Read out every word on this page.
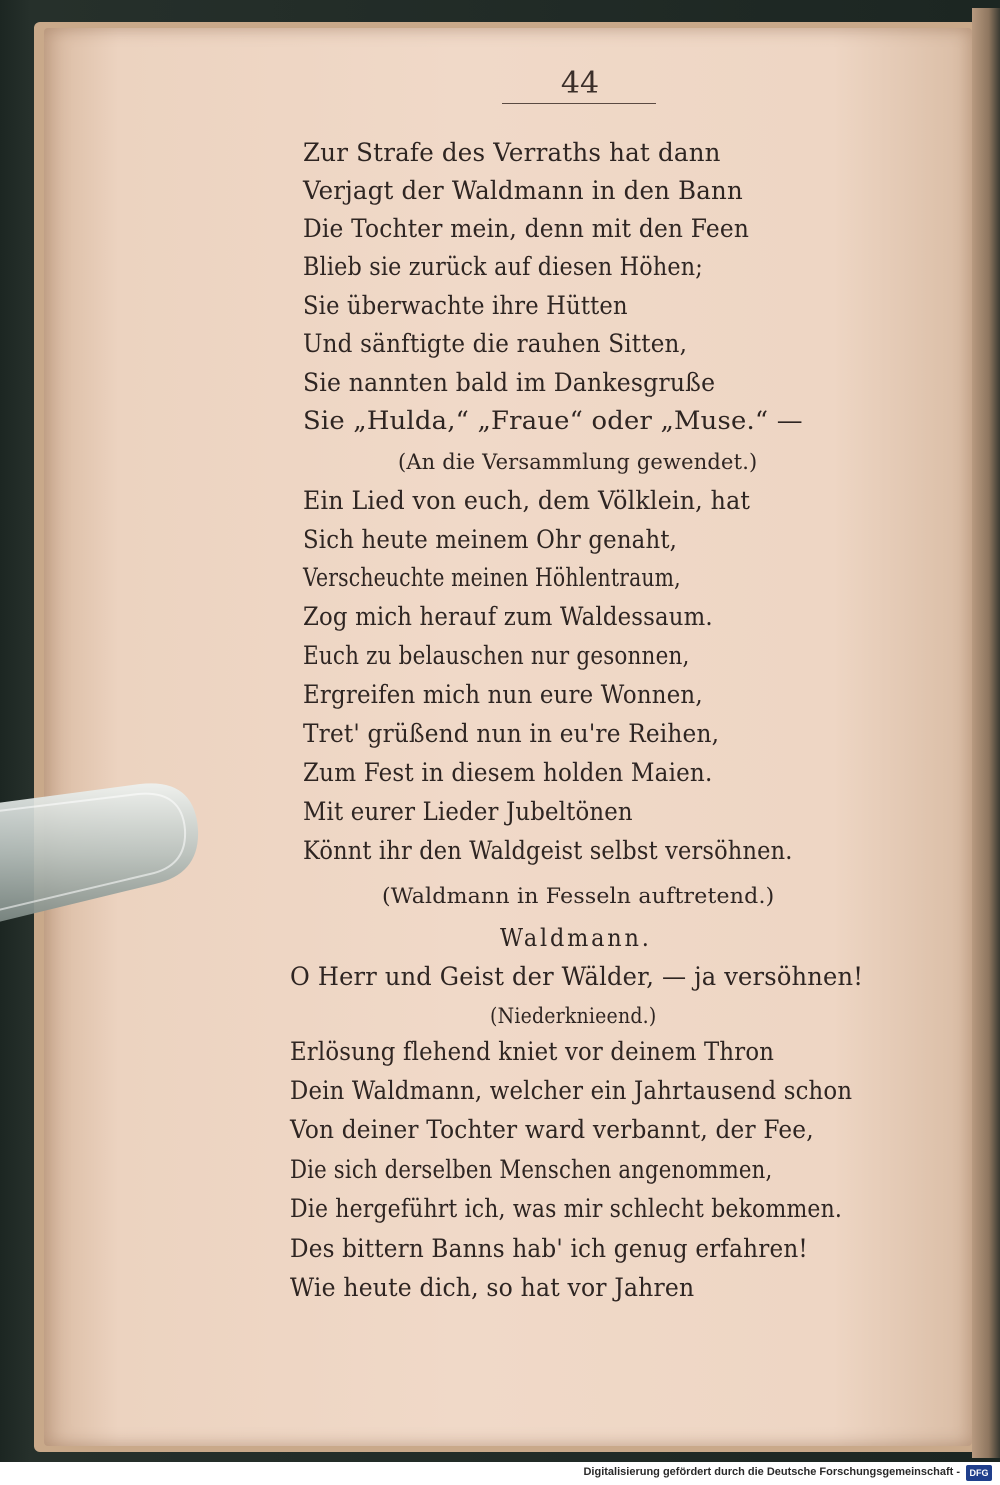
44
Zur Strafe des Verraths hat dann
Verjagt der Waldmann in den Bann
Die Tochter mein, denn mit den Feen
Blieb sie zurück auf diesen Höhen;
Sie überwachte ihre Hütten
Und sänftigte die rauhen Sitten,
Sie nannten bald im Dankesgruße
Sie „Hulda,“ „Fraue“ oder „Muse.“ —
(An die Versammlung gewendet.)
Ein Lied von euch, dem Völklein, hat
Sich heute meinem Ohr genaht,
Verscheuchte meinen Höhlentraum,
Zog mich herauf zum Waldessaum.
Euch zu belauschen nur gesonnen,
Ergreifen mich nun eure Wonnen,
Tret' grüßend nun in eu're Reihen,
Zum Fest in diesem holden Maien.
Mit eurer Lieder Jubeltönen
Könnt ihr den Waldgeist selbst versöhnen.
(Waldmann in Fesseln auftretend.)
Waldmann.
O Herr und Geist der Wälder, — ja versöhnen!
(Niederknieend.)
Erlösung flehend kniet vor deinem Thron
Dein Waldmann, welcher ein Jahrtausend schon
Von deiner Tochter ward verbannt, der Fee,
Die sich derselben Menschen angenommen,
Die hergeführt ich, was mir schlecht bekommen.
Des bittern Banns hab' ich genug erfahren!
Wie heute dich, so hat vor Jahren
Digitalisierung gefördert durch die Deutsche Forschungsgemeinschaft -	DFG
